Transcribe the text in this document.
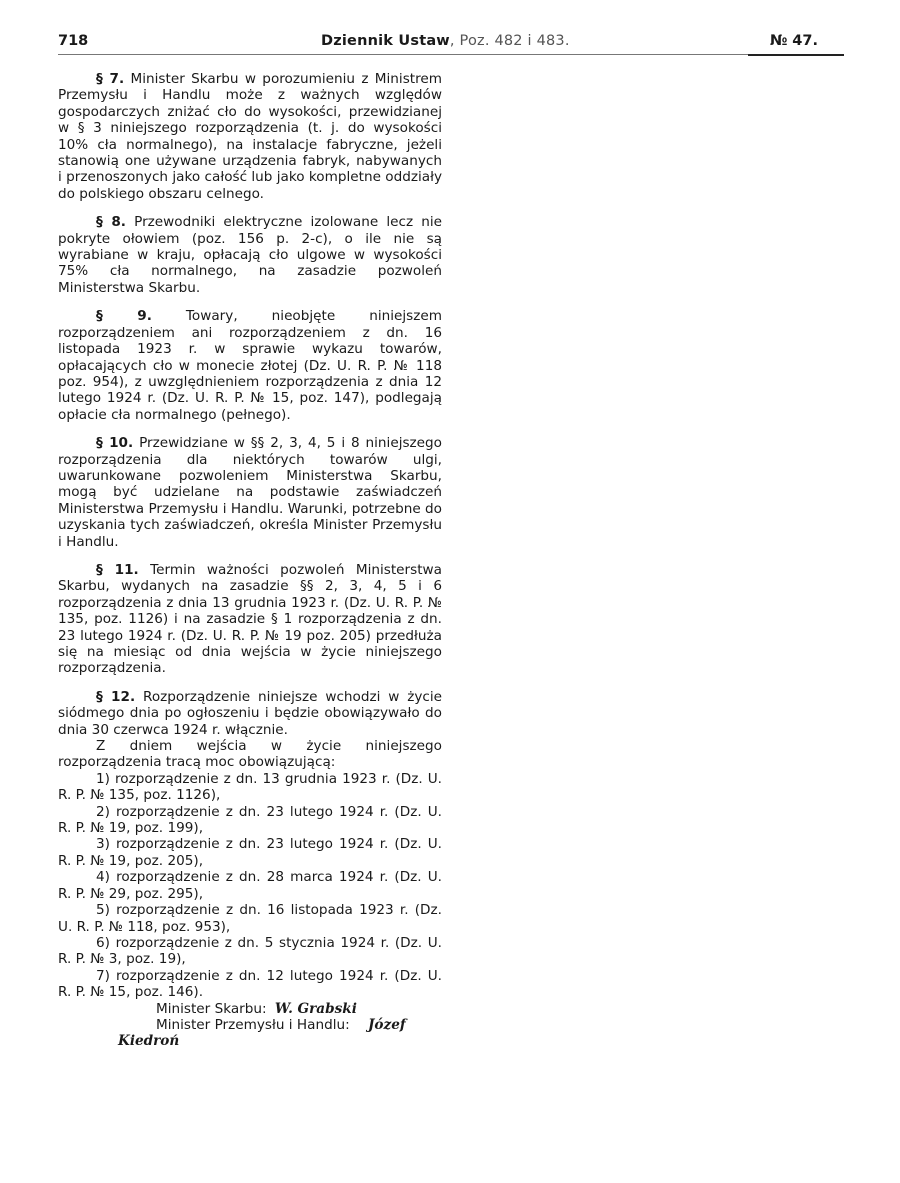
718	Dziennik Ustaw, Poz. 482 i 483.	№ 47.

§ 7. Minister Skarbu w porozumieniu z Ministrem Przemysłu i Handlu może z ważnych względów gospodarczych zniżać cło do wysokości, przewidzianej w § 3 niniejszego rozporządzenia (t. j. do wysokości 10% cła normalnego), na instalacje fabryczne, jeżeli stanowią one używane urządzenia fabryk, nabywanych i przenoszonych jako całość lub jako kompletne oddziały do polskiego obszaru celnego.

§ 8. Przewodniki elektryczne izolowane lecz nie pokryte ołowiem (poz. 156 p. 2-c), o ile nie są wyrabiane w kraju, opłacają cło ulgowe w wysokości 75% cła normalnego, na zasadzie pozwoleń Ministerstwa Skarbu.

§ 9.	Towary, nieobjęte niniejszem rozporządzeniem ani rozporządzeniem z dn. 16 listopada 1923 r. w sprawie wykazu towarów, opłacających cło w monecie złotej (Dz. U. R. P. № 118 poz. 954), z uwzględnieniem rozporządzenia z dnia 12 lutego 1924 r. (Dz. U. R. P. № 15, poz. 147), podlegają opłacie cła normalnego (pełnego).

§ 10. Przewidziane w §§ 2, 3, 4, 5 i 8 niniejszego rozporządzenia dla niektórych towarów ulgi, uwarunkowane pozwoleniem Ministerstwa Skarbu, mogą być udzielane na podstawie zaświadczeń Ministerstwa Przemysłu i Handlu. Warunki, potrzebne do uzyskania tych zaświadczeń, określa Minister Przemysłu i Handlu.

§ 11. Termin ważności pozwoleń Ministerstwa Skarbu, wydanych na zasadzie §§ 2, 3, 4, 5 i 6 rozporządzenia z dnia 13 grudnia 1923 r. (Dz. U. R. P. № 135, poz. 1126) i na zasadzie § 1 rozporządzenia z dn. 23 lutego 1924 r. (Dz. U. R. P. № 19 poz. 205) przedłuża się na miesiąc od dnia wejścia w życie niniejszego rozporządzenia.

§ 12. Rozporządzenie niniejsze wchodzi w życie siódmego dnia po ogłoszeniu i będzie obowiązywało do dnia 30 czerwca 1924 r. włącznie.

Z dniem wejścia w życie niniejszego rozporządzenia tracą moc obowiązującą:

1) rozporządzenie z dn. 13 grudnia 1923 r. (Dz. U. R. P. № 135, poz. 1126),

2) rozporządzenie z dn. 23 lutego 1924 r. (Dz. U. R. P. № 19, poz. 199),

3) rozporządzenie z dn. 23 lutego 1924 r. (Dz. U. R. P. № 19, poz. 205),

4) rozporządzenie z dn. 28 marca 1924 r. (Dz. U. R. P. № 29, poz. 295),

5) rozporządzenie z dn. 16 listopada 1923 r. (Dz. U. R. P. № 118, poz. 953),

6) rozporządzenie z dn. 5 stycznia 1924 r. (Dz. U. R. P. № 3, poz. 19),

7) rozporządzenie z dn. 12 lutego 1924 r. (Dz. U. R. P. № 15, poz. 146).

Minister Skarbu: W. Grabski

Minister Przemysłu i Handlu: Józef Kiedroń
